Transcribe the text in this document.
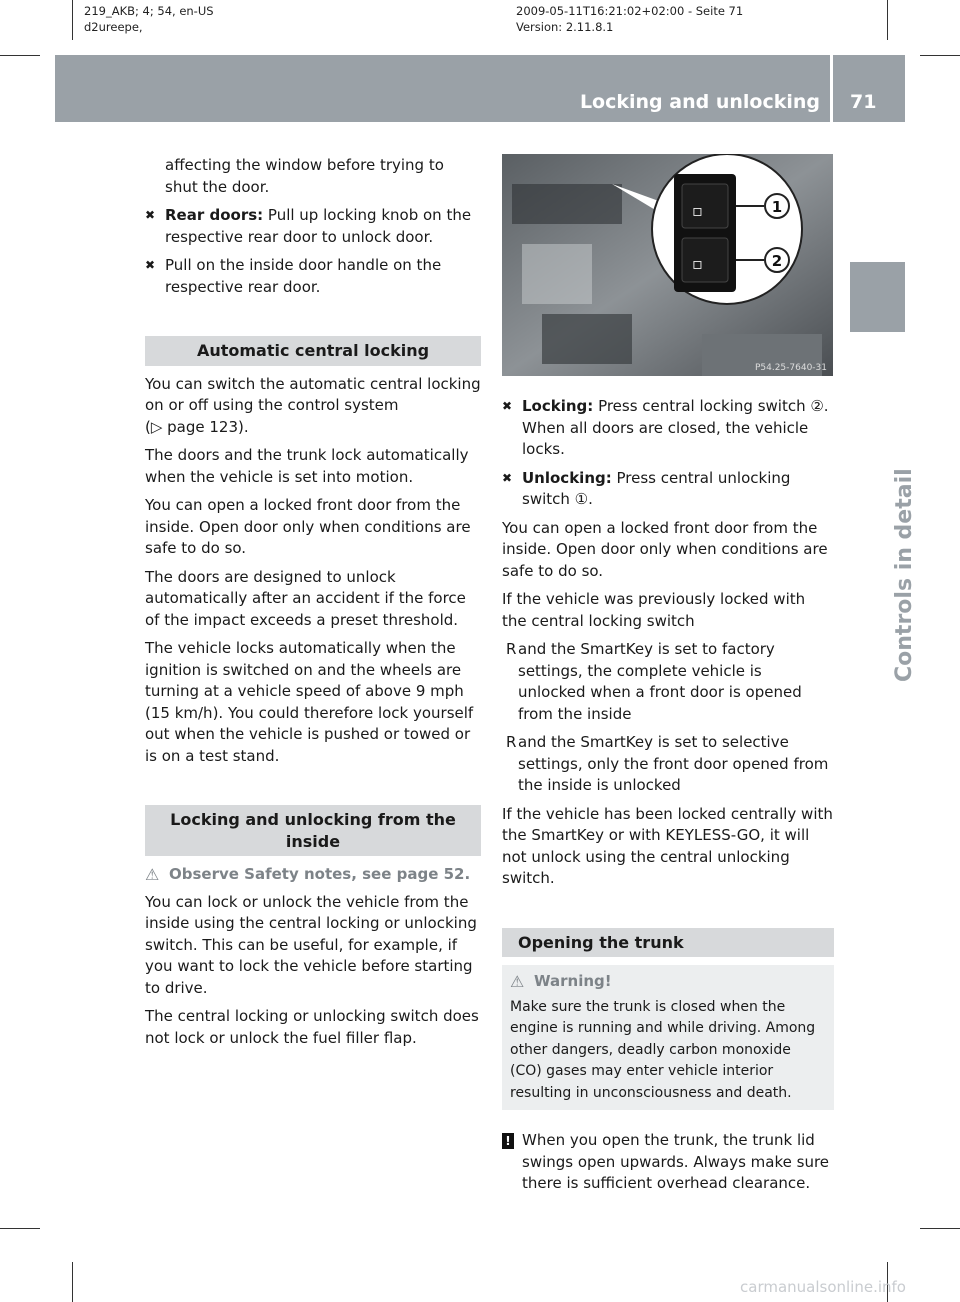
219_AKB; 4; 54, en-US
d2ureepe,
2009-05-11T16:21:02+02:00 - Seite 71
Version: 2.11.8.1
Locking and unlocking 71
Controls in detail

affecting the window before trying to shut the door.

✖ Rear doors: Pull up locking knob on the respective rear door to unlock door.
✖ Pull on the inside door handle on the respective rear door.
Automatic central locking

You can switch the automatic central locking on or off using the control system
(▷ page 123).

The doors and the trunk lock automatically when the vehicle is set into motion.

You can open a locked front door from the inside. Open door only when conditions are safe to do so.

The doors are designed to unlock automatically after an accident if the force of the impact exceeds a preset threshold.

The vehicle locks automatically when the ignition is switched on and the wheels are turning at a vehicle speed of above 9 mph (15 km/h). You could therefore lock yourself out when the vehicle is pushed or towed or is on a test stand.

Locking and unlocking from the inside
⚠ Observe Safety notes, see page 52.

You can lock or unlock the vehicle from the inside using the central locking or unlocking switch. This can be useful, for example, if you want to lock the vehicle before starting to drive.

The central locking or unlocking switch does not lock or unlock the fuel filler flap.

▫
▫
1
2
P54.25-7640-31
✖ Locking: Press central locking switch ②. When all doors are closed, the vehicle locks.
✖ Unlocking: Press central unlocking switch ①.

You can open a locked front door from the inside. Open door only when conditions are safe to do so.

If the vehicle was previously locked with the central locking switch

R and the SmartKey is set to factory settings, the complete vehicle is unlocked when a front door is opened from the inside
R and the SmartKey is set to selective settings, only the front door opened from the inside is unlocked

If the vehicle has been locked centrally with the SmartKey or with KEYLESS-GO, it will not unlock using the central unlocking switch.

Opening the trunk
⚠ Warning!
Make sure the trunk is closed when the engine is running and while driving. Among other dangers, deadly carbon monoxide (CO) gases may enter vehicle interior resulting in unconsciousness and death.
! When you open the trunk, the trunk lid swings open upwards. Always make sure there is sufficient overhead clearance.
carmanualsonline.info
